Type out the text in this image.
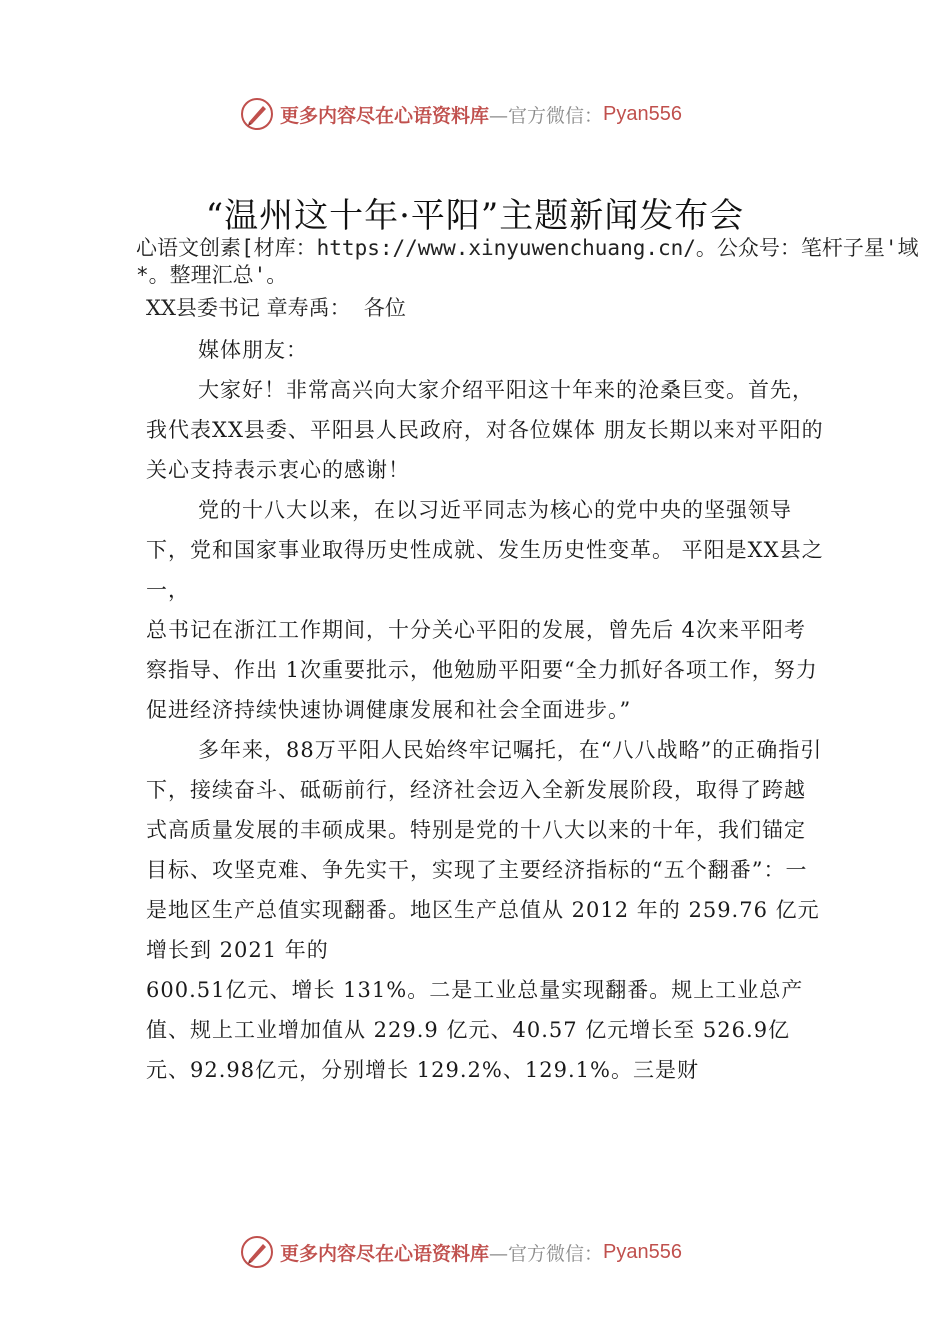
更多内容尽在心语资料库 —官方微信： Pyan556
“温州这十年·平阳”主题新闻发布会
心语文创素[材库：https://www.xinyuwenchuang.cn/。公众号：笔杆子星'域*。整理汇总'。
XX县委书记 章寿禹：  各位

媒体朋友：

大家好！非常高兴向大家介绍平阳这十年来的沧桑巨变。首先，我代表XX县委、平阳县人民政府，对各位媒体 朋友长期以来对平阳的关心支持表示衷心的感谢！

党的十八大以来，在以习近平同志为核心的党中央的坚强领导下，党和国家事业取得历史性成就、发生历史性变革。 平阳是XX县之一，

总书记在浙江工作期间，十分关心平阳的发展，曾先后 4次来平阳考察指导、作出 1次重要批示，他勉励平阳要“全力抓好各项工作，努力促进经济持续快速协调健康发展和社会全面进步。”

多年来，88万平阳人民始终牢记嘱托，在“八八战略”的正确指引下，接续奋斗、砥砺前行，经济社会迈入全新发展阶段，取得了跨越式高质量发展的丰硕成果。特别是党的十八大以来的十年，我们锚定目标、攻坚克难、争先实干，实现了主要经济指标的“五个翻番”：一是地区生产总值实现翻番。地区生产总值从 2012 年的 259.76 亿元增长到 2021 年的

600.51亿元、增长 131%。二是工业总量实现翻番。规上工业总产值、规上工业增加值从 229.9 亿元、40.57 亿元增长至 526.9亿元、92.98亿元，分别增长 129.2%、129.1%。三是财

更多内容尽在心语资料库 —官方微信： Pyan556
